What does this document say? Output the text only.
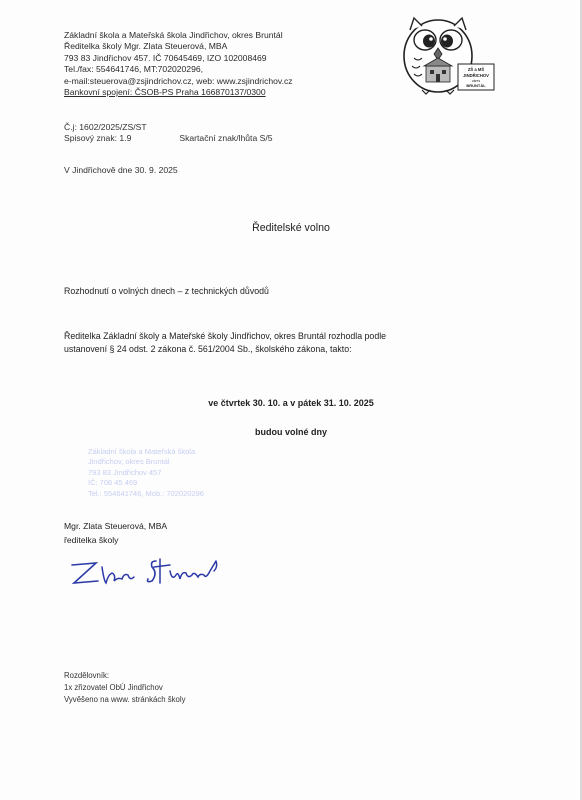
Základní škola a Mateřská škola Jindřichov, okres Bruntál
Ředitelka školy Mgr. Zlata Steuerová, MBA
793 83 Jindřichov 457. IČ 70645469, IZO 102008469
Tel./fax: 554641746, MT:702020296,
e-mail:steuerova@zsjindrichov.cz, web: www.zsjindrichov.cz
Bankovní spojení: ČSOB-PS Praha 166870137/0300
ZŠ a MŠ
JINDŘICHOV
okres
BRUNTÁL
Č.j: 1602/2025/ZS/ST
Spisový znak: 1.9	Skartační znak/lhůta S/5
V Jindřichově dne 30. 9. 2025
Ředitelské volno
Rozhodnutí o volných dnech – z technických důvodů
Ředitelka Základní školy a Mateřské školy Jindřichov, okres Bruntál rozhodla podle
ustanovení § 24 odst. 2 zákona č. 561/2004 Sb., školského zákona, takto:
ve čtvrtek 30. 10. a v pátek 31. 10. 2025
budou volné dny
Základní škola a Mateřská škola
Jindřichov, okres Bruntál
793 83 Jindřichov 457
IČ: 706 45 469
Tel.: 554641746, Mob.: 702020296
Mgr. Zlata Steuerová, MBA
ředitelka školy
Rozdělovník:
1x zřizovatel ObÚ Jindřichov
Vyvěšeno na www. stránkách školy
